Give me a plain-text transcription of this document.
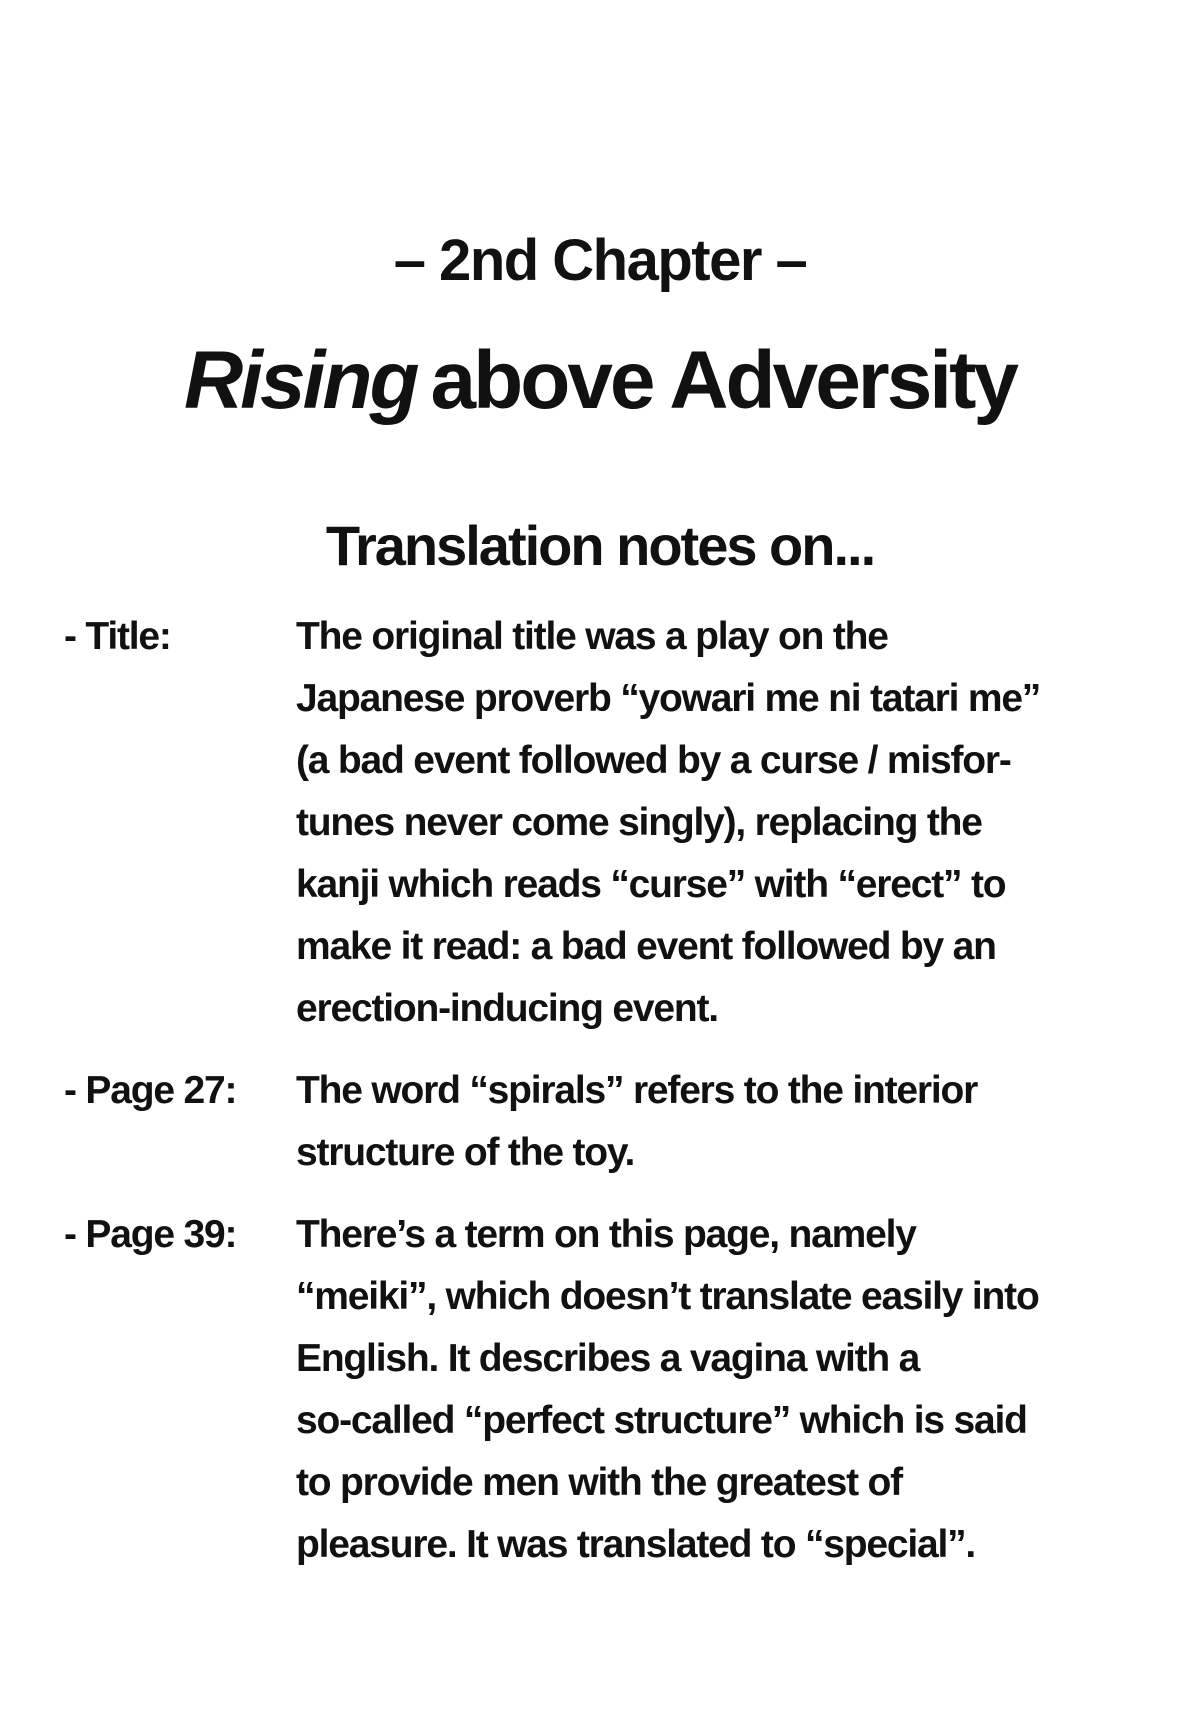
– 2nd Chapter –
Rising above Adversity
Translation notes on...
- Title:	The original title was a play on the
Japanese proverb “yowari me ni tatari me”
(a bad event followed by a curse / misfor-
tunes never come singly), replacing the
kanji which reads “curse” with “erect” to
make it read: a bad event followed by an
erection-inducing event.
- Page 27:	The word “spirals” refers to the interior
structure of the toy.
- Page 39:	There’s a term on this page, namely
“meiki”, which doesn’t translate easily into
English. It describes a vagina with a
so-called “perfect structure” which is said
to provide men with the greatest of
pleasure. It was translated to “special”.
